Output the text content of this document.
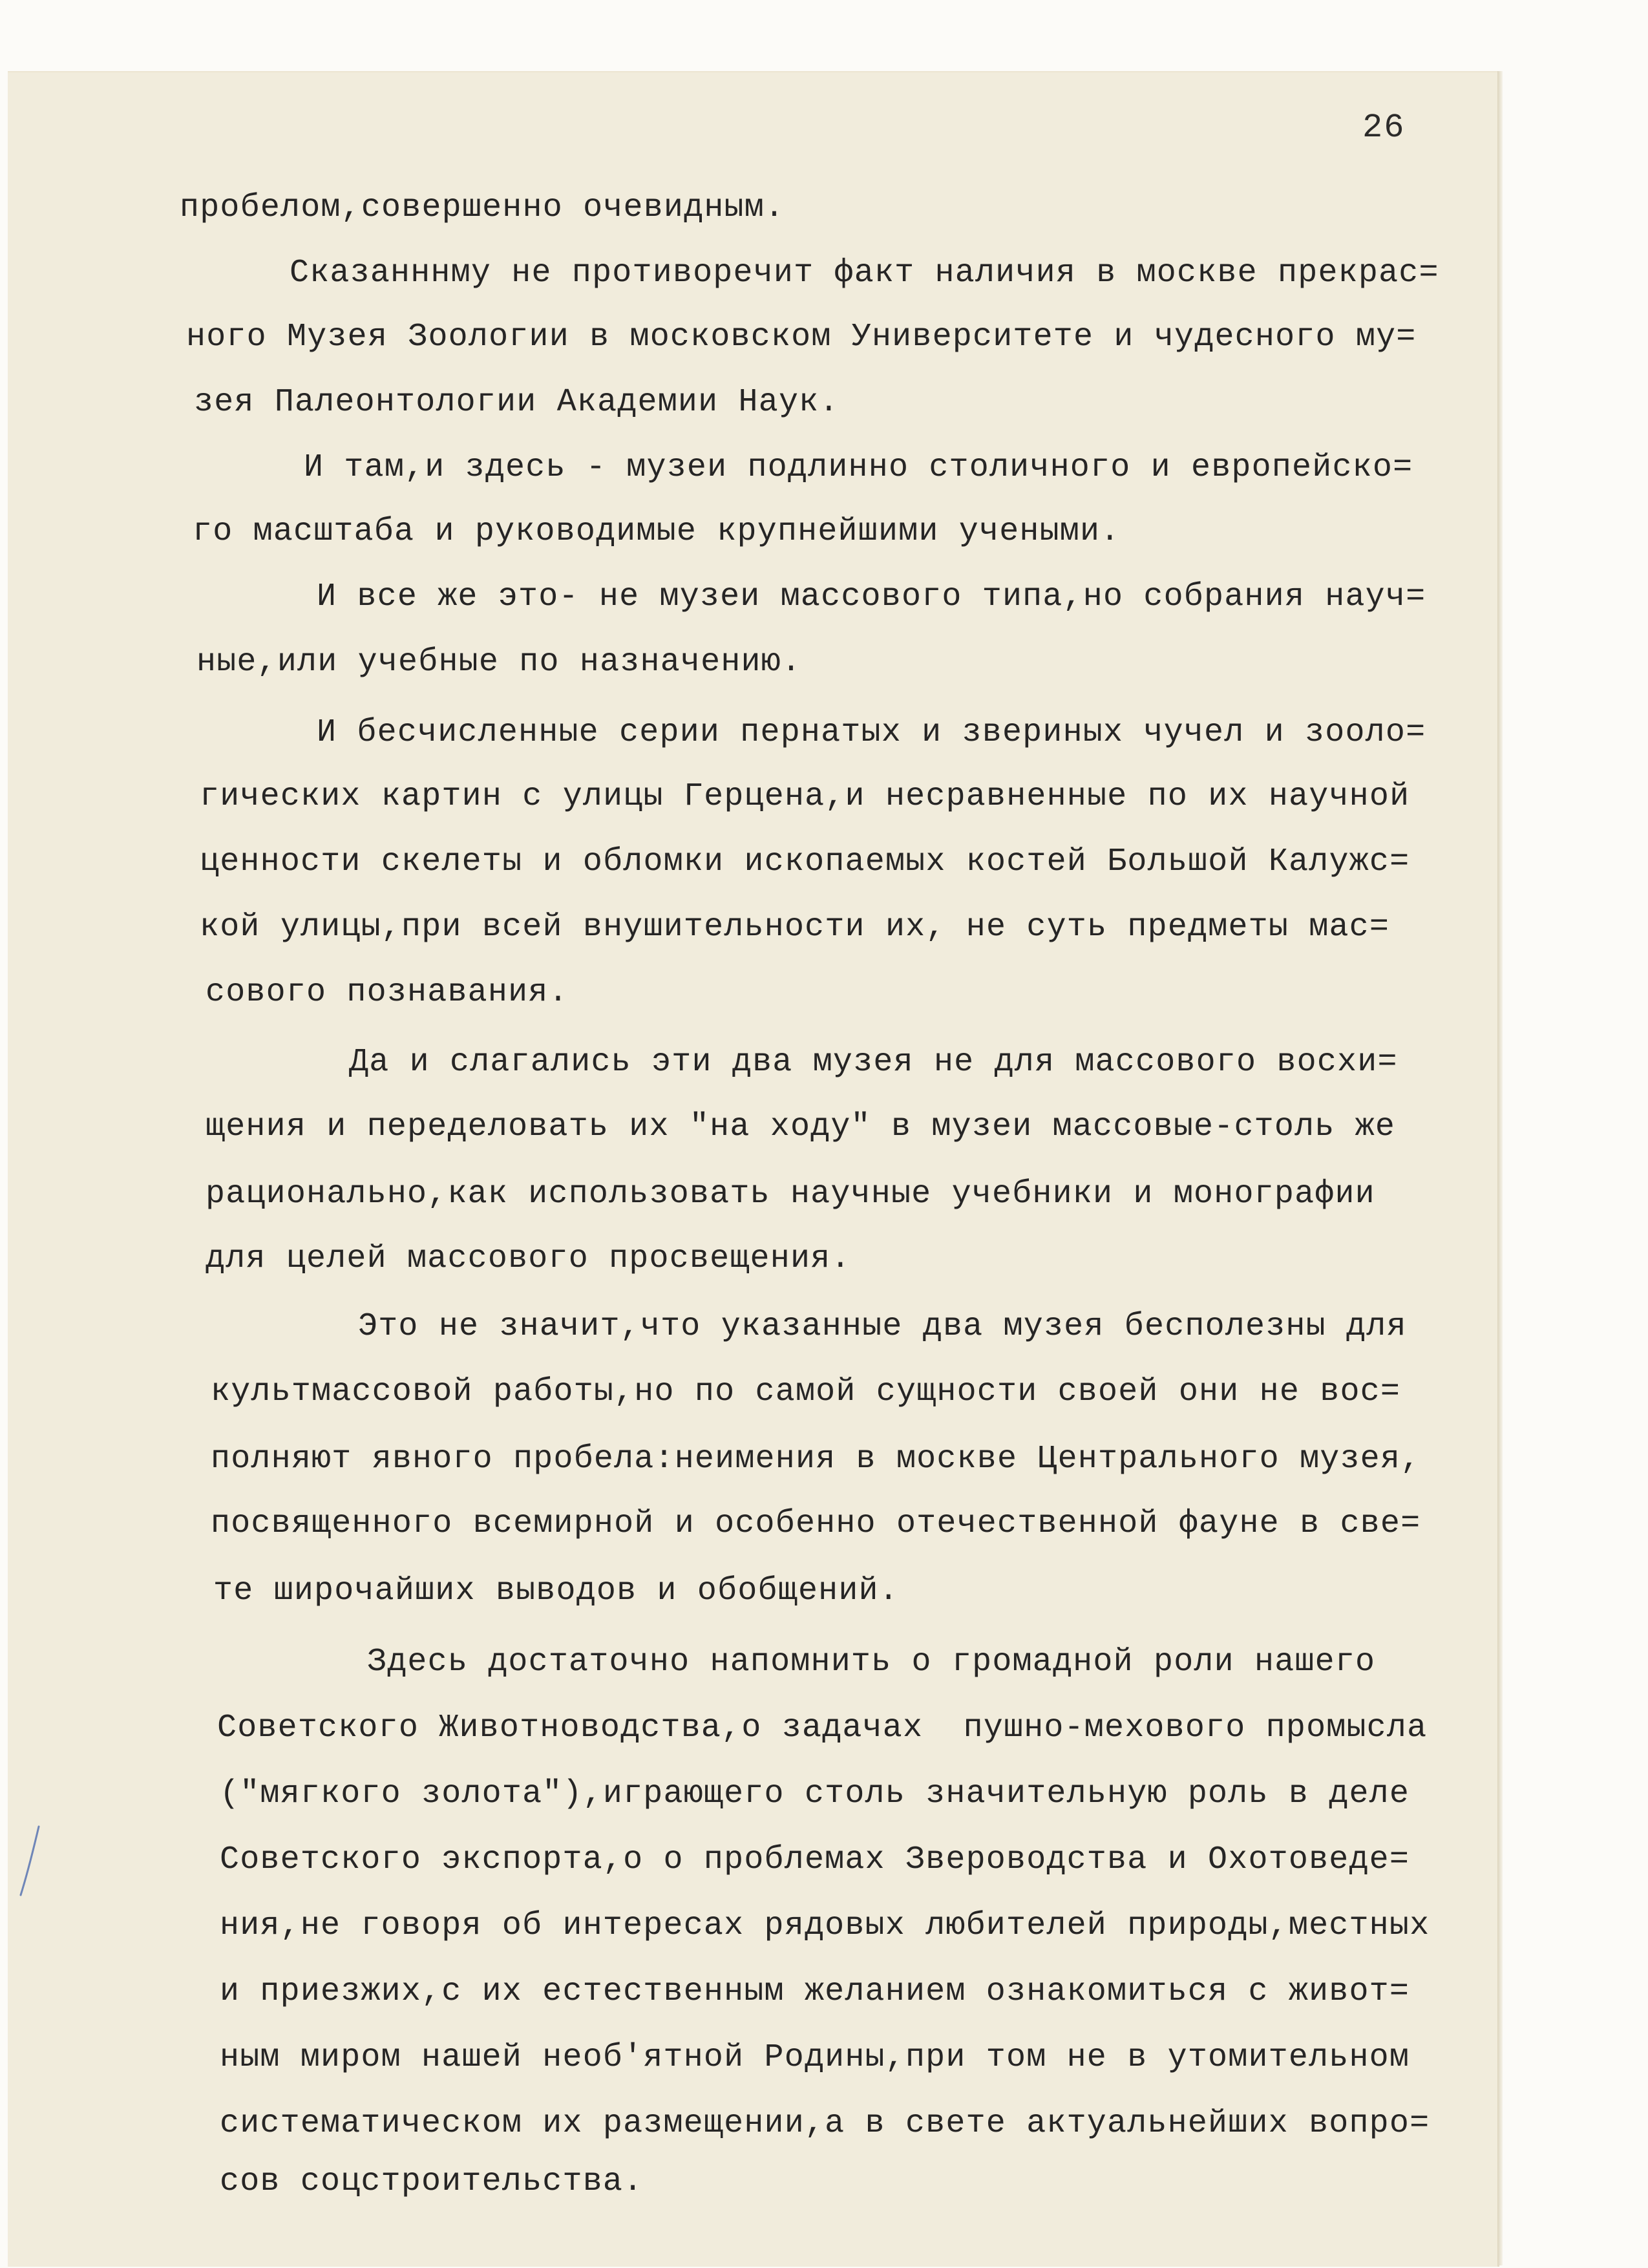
26
пробелом,совершенно очевидным.
Сказанннму не противоречит факт наличия в москве прекрас=
ного Музея Зоологии в московском Университете и чудесного му=
зея Палеонтологии Академии Наук.
И там,и здесь - музеи подлинно столичного и европейско=
го масштаба и руководимые крупнейшими учеными.
И все же это- не музеи массового типа,но собрания науч=
ные,или учебные по назначению.
И бесчисленные серии пернатых и звериных чучел и зооло=
гических картин с улицы Герцена,и несравненные по их научной
ценности скелеты и обломки ископаемых костей Большой Калужс=
кой улицы,при всей внушительности их, не суть предметы мас=
сового познавания.
Да и слагались эти два музея не для массового восхи=
щения и переделовать их "на ходу" в музеи массовые-столь же
рационально,как использовать научные учебники и монографии
для целей массового просвещения.
Это не значит,что указанные два музея бесполезны для
культмассовой работы,но по самой сущности своей они не вос=
полняют явного пробела:неимения в москве Центрального музея,
посвященного всемирной и особенно отечественной фауне в све=
те широчайших выводов и обобщений.
Здесь достаточно напомнить о громадной роли нашего
Советского Животноводства,о задачах  пушно-мехового промысла
("мягкого золота"),играющего столь значительную роль в деле
Советского экспорта,о о проблемах Звероводства и Охотоведе=
ния,не говоря об интересах рядовых любителей природы,местных
и приезжих,с их естественным желанием ознакомиться с живот=
ным миром нашей необ'ятной Родины,при том не в утомительном
систематическом их размещении,а в свете актуальнейших вопро=
сов соцстроительства.
